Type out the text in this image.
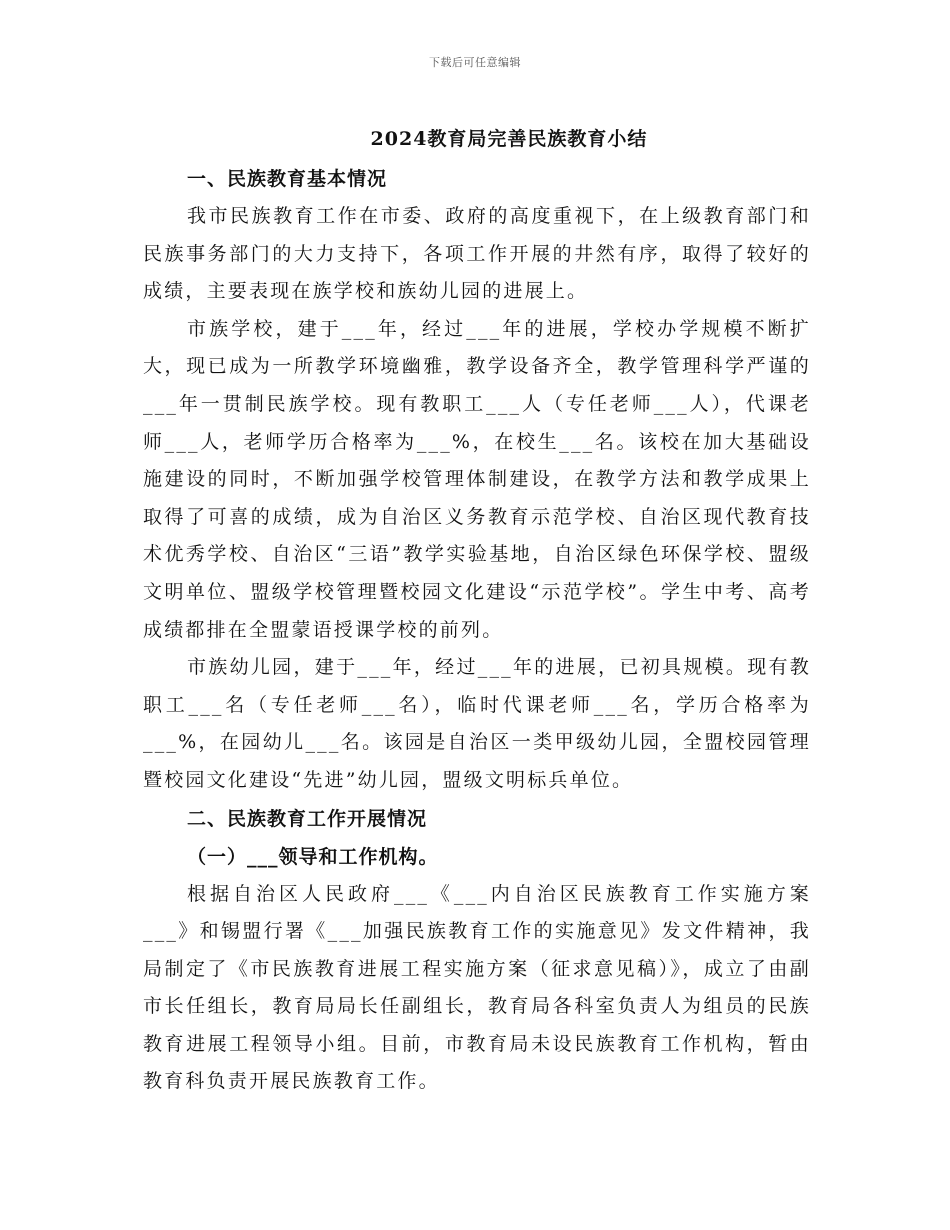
下载后可任意编辑
2024教育局完善民族教育小结
一、民族教育基本情况

我市民族教育工作在市委、政府的高度重视下，在上级教育部门和民族事务部门的大力支持下，各项工作开展的井然有序，取得了较好的成绩，主要表现在族学校和族幼儿园的进展上。

市族学校，建于___年，经过___年的进展，学校办学规模不断扩大，现已成为一所教学环境幽雅，教学设备齐全，教学管理科学严谨的___年一贯制民族学校。现有教职工___人（专任老师___人），代课老师___人，老师学历合格率为___%，在校生___名。该校在加大基础设施建设的同时，不断加强学校管理体制建设，在教学方法和教学成果上取得了可喜的成绩，成为自治区义务教育示范学校、自治区现代教育技术优秀学校、自治区“三语”教学实验基地，自治区绿色环保学校、盟级文明单位、盟级学校管理暨校园文化建设“示范学校”。学生中考、高考成绩都排在全盟蒙语授课学校的前列。

市族幼儿园，建于___年，经过___年的进展，已初具规模。现有教职工___名（专任老师___名），临时代课老师___名，学历合格率为___%，在园幼儿___名。该园是自治区一类甲级幼儿园，全盟校园管理暨校园文化建设“先进”幼儿园，盟级文明标兵单位。

二、民族教育工作开展情况
（一）___领导和工作机构。

根据自治区人民政府___《___内自治区民族教育工作实施方案___》和锡盟行署《___加强民族教育工作的实施意见》发文件精神，我局制定了《市民族教育进展工程实施方案（征求意见稿）》，成立了由副市长任组长，教育局局长任副组长，教育局各科室负责人为组员的民族教育进展工程领导小组。目前，市教育局未设民族教育工作机构，暂由教育科负责开展民族教育工作。
